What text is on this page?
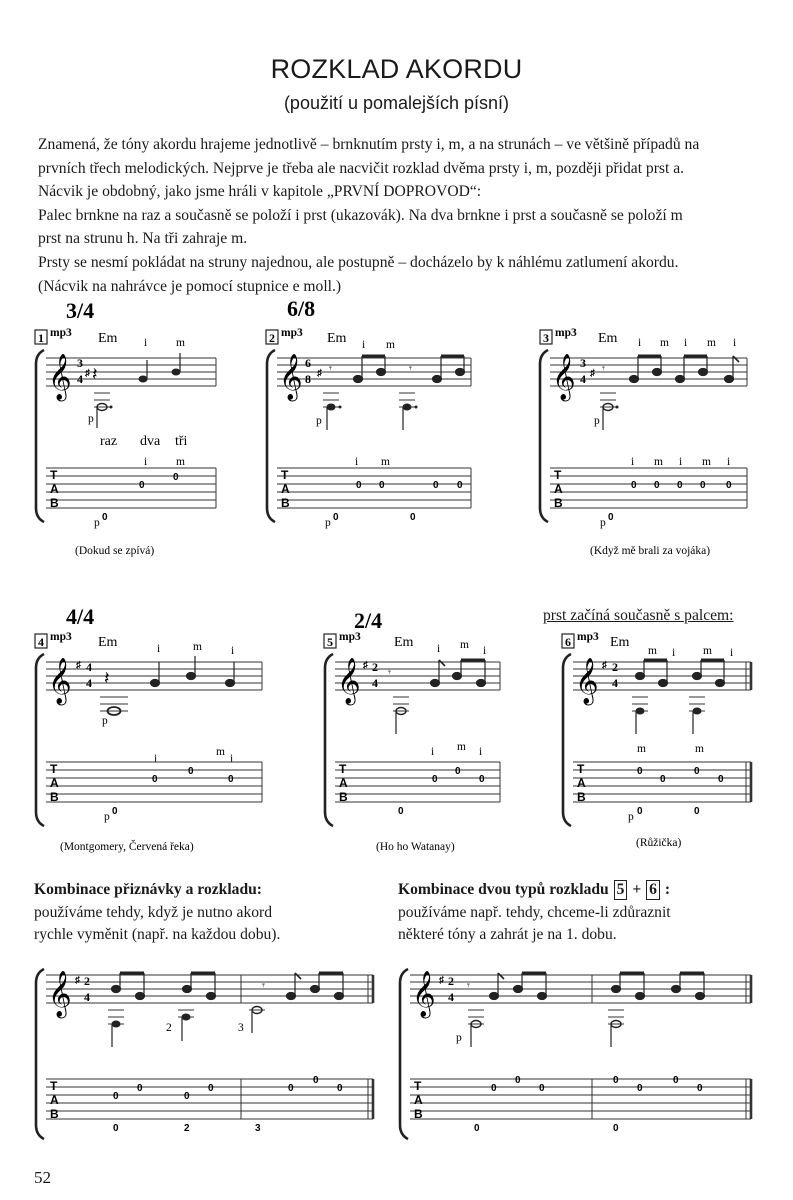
ROZKLAD AKORDU
(použití u pomalejších písní)

Znamená, že tóny akordu hrajeme jednotlivě – brnknutím prsty i, m, a na strunách – ve většině případů na

prvních třech melodických. Nejprve je třeba ale nacvičit rozklad dvěma prsty i, m, později přidat prst a.

Nácvik je obdobný, jako jsme hráli v kapitole „PRVNÍ DOPROVOD“:

Palec brnkne na raz a současně se položí i prst (ukazovák). Na dva brnkne i prst a současně se položí m

prst na strunu h. Na tři zahraje m.

Prsty se nesmí pokládat na struny najednou, ale postupně – docházelo by k náhlému zatlumení akordu.

(Nácvik na nahrávce je pomocí stupnice e moll.)

3/4
1 mp3 Em i	m
𝄞 3
4 ♯ 𝄽
p
raz dva tři
i	m
T
A
B
0
0
0
p
(Dokud se zpívá)
6/8
2 mp3 Em i m
𝄞 6
8 ♯ 𝄾	𝄾
p
i m
T
A
B
0 0	0 0
0	0
p
3 mp3 Em i m i m i
𝄞 3
4 ♯ 𝄾
p
i m i m i
T
A
B
0 0 0 0 0
0
p
(Když mě brali za vojáka)
4/4
4 mp3 Em	i	m	i
𝄞 ♯ 4
4 𝄽
p
m
i	i
T
A
B
0
0
0
0
p
(Montgomery, Červená řeka)
2/4
5 mp3 Em i m i
𝄞 ♯ 2
4
𝄾
i m i
T
A
B
0
0
0
0
(Ho ho Watanay)
prst začíná současně s palcem:
6 mp3 Em
m i m i
𝄞 ♯ 2
4
m	m
T
A
B
0
0
0
0
0	0
p
(Růžička)
Kombinace přiznávky a rozkladu:
používáme tehdy, když je nutno akord
rychle vyměnit (např. na každou dobu).
Kombinace dvou typů rozkladu 5 + 6 :
používáme např. tehdy, chceme-li zdůraznit
některé tóny a zahrát je na 1. dobu.
𝄞 ♯ 2
4
𝄾
2	3
T
A
B
0
0
0
0	0
0
0
2	3
0
𝄞 ♯ 2
4
𝄾
p
T
A
B
0
0
0
0
0
0
0
0	0
52
